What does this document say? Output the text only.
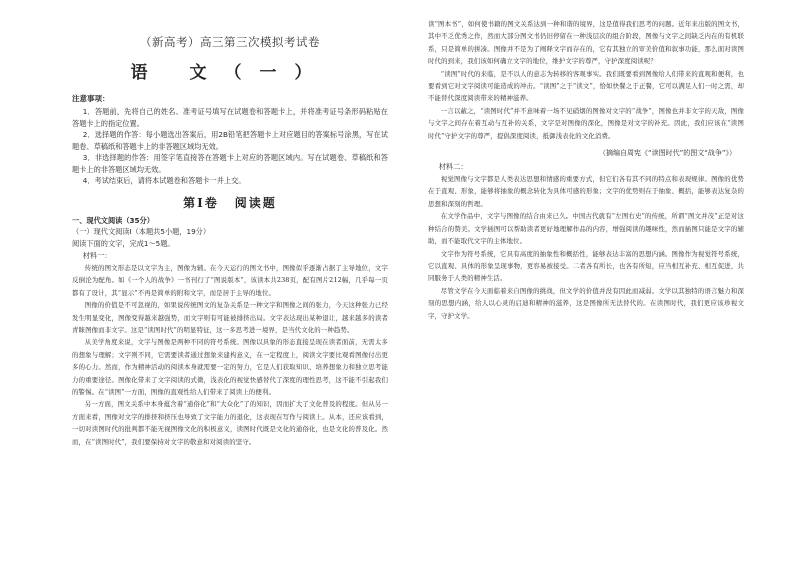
（新高考）高三第三次模拟考试卷
语 文（一）
注意事项：
1．答题前，先将自己的姓名、准考证号填写在试题卷和答题卡上，并将准考证号条形码粘贴在答题卡上的指定位置。
2．选择题的作答：每小题选出答案后，用2B铅笔把答题卡上对应题目的答案标号涂黑，写在试题卷、草稿纸和答题卡上的非答题区域均无效。
3．非选择题的作答：用签字笔直接答在答题卡上对应的答题区域内。写在试题卷、草稿纸和答题卡上的非答题区域均无效。
4．考试结束后，请将本试题卷和答题卡一并上交。
第Ⅰ卷 阅读题
一、现代文阅读（35分）
（一）现代文阅读Ⅰ（本题共5小题，19分）
阅读下面的文字，完成1～5题。
材料一：

传统的图文形态是以文字为主，图像为辅。在今天运行的图文书中，图像似乎逐渐占据了主导地位，文字反倒沦为配角。如《一个人的战争》一书刊行了“图说版本”，该读本共238页，配有图片212幅，几乎每一页都有了设计，其“显示”不再是简单的附和文字，而是居于主导的地位。

图像的价值是不可忽视的，如果说传统图文的复杂关系是一种文字和图像之间的张力，今天这种张力已经发生明显变化，图像变得越来越强势，而文字则有可能被排挤出局。文字表达现出某种退让，越来越多的读者青睐图像而非文字。这是“读图时代”的明显特征，这一多思考进一境界，是当代文化的一种趋势。

从美学角度来说，文字与图像是两种不同的符号系统。图像以具象的形态直接呈现在读者面前，无需太多的想象与理解；文字则不同，它需要读者通过想象来建构意义，在一定程度上，阅读文字要比观看图像付出更多的心力。然而，作为精神活动的阅读本身就需要一定的努力，它是人们获取知识、培养想象力和独立思考能力的重要途径。图像化带来了文字阅读的式微，浅表化的视觉快感替代了深度的理性思考，这不能不引起我们的警惕。在“读图”一方面，图像的直观性给人们带来了阅读上的便利。

另一方面，图文关系中本身蕴含着“通俗化”和“大众化”了的知识，因而扩大了文化普及的程度。但从另一方面来看，图像对文字的排挤和挤压也导致了文字能力的退化，这表现在写作与阅读上。从本，还应该看到，一切对读图时代的批判都不能无视图像文化的积极意义，读图时代既是文化的通俗化，也是文化的普及化。然而，在“读图时代”，我们要保持对文字的敬意和对阅读的坚守。

读“图本书”，如何使书籍的图文关系达到一种和谐的境界，这是值得我们思考的问题。近年来出版的图文书，其中不乏优秀之作，然而大部分图文书仍旧停留在一种浅层次的组合阶段，图像与文字之间缺乏内在的有机联系，只是简单的拼凑。图像并不是为了阐释文字而存在的，它有其独立的审美价值和叙事功能，那么面对读图时代的到来，我们该如何确立文字的地位，维护文字的尊严，守护深度阅读呢？

“读图”时代的来临，是不以人的意志为转移的客观事实。我们既要看到图像给人们带来的直观和便利，也要看到它对文字阅读可能造成的冲击。“读图”之于“读文”，恰如快餐之于正餐，它可以满足人们一时之需，却不能替代深度阅读带来的精神滋养。

一言以蔽之，“读图时代”并不意味着一场不见硝烟的图像对文字的“战争”，图像也并非文字的天敌，图像与文字之间存在着互动与互补的关系，文字是对图像的深化，图像是对文字的补充。因此，我们应该在“读图时代”守护文字的尊严，提倡深度阅读，抵御浅表化的文化消费。

（摘编自周宪《“读图时代”的图文“战争”》）
材料二：

视觉图像与文字都是人类表达思想和情感的重要方式，但它们各有其不同的特点和表现规律。图像的优势在于直观、形象，能够将抽象的概念转化为具体可感的形象；文字的优势则在于抽象、概括，能够表达复杂的思想和深刻的哲理。

在文学作品中，文字与图像的结合由来已久。中国古代就有“左图右史”的传统，所谓“图文并茂”正是对这种结合的赞美。文学插图可以帮助读者更好地理解作品的内容，增强阅读的趣味性，然而插图只能是文字的辅助，而不能取代文字的主体地位。

文字作为符号系统，它具有高度的抽象性和概括性，能够表达丰富的思想内涵。图像作为视觉符号系统，它以直观、具体的形象呈现事物，更容易被接受。二者各有所长，也各有所短，应当相互补充、相互促进，共同服务于人类的精神生活。

尽管文学在今天面临着来自图像的挑战，但文学的价值并没有因此而减弱。文学以其独特的语言魅力和深刻的思想内涵，给人以心灵的启迪和精神的滋养，这是图像所无法替代的。在读图时代，我们更应该珍视文字，守护文学。
